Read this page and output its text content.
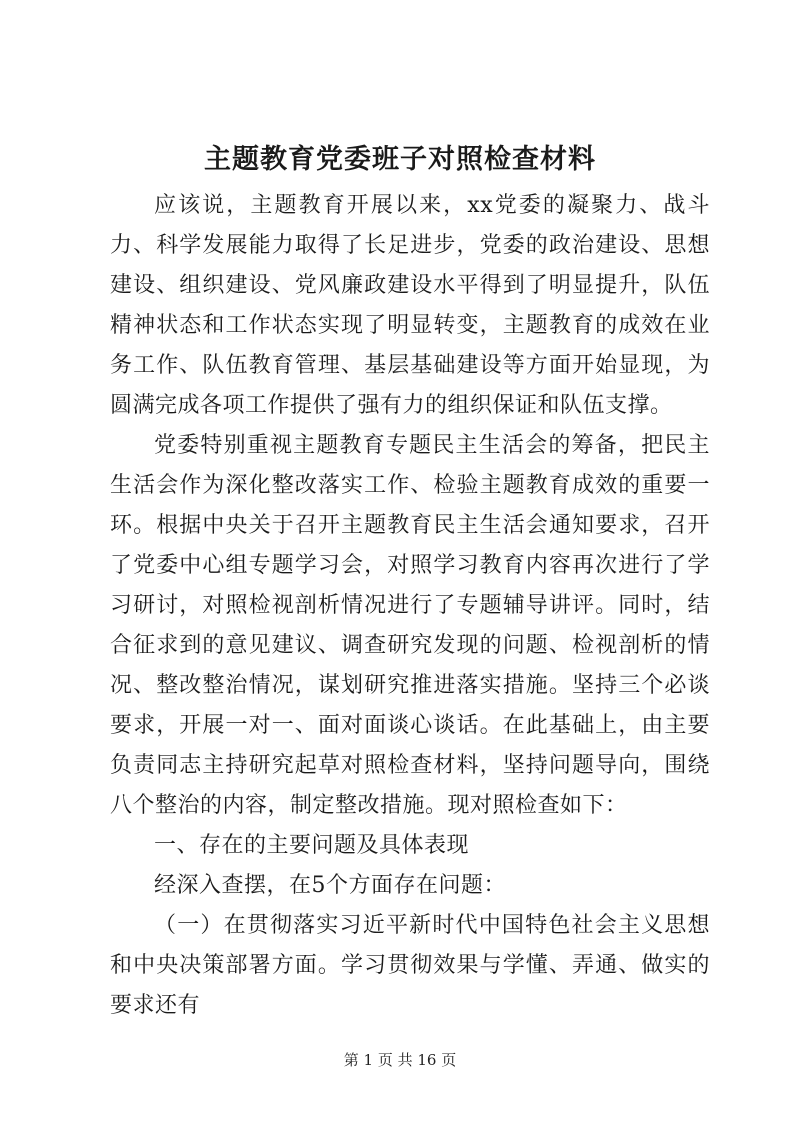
主题教育党委班子对照检查材料

应该说，主题教育开展以来，xx党委的凝聚力、战斗力、科学发展能力取得了长足进步，党委的政治建设、思想建设、组织建设、党风廉政建设水平得到了明显提升，队伍精神状态和工作状态实现了明显转变，主题教育的成效在业务工作、队伍教育管理、基层基础建设等方面开始显现，为圆满完成各项工作提供了强有力的组织保证和队伍支撑。

党委特别重视主题教育专题民主生活会的筹备，把民主生活会作为深化整改落实工作、检验主题教育成效的重要一环。根据中央关于召开主题教育民主生活会通知要求，召开了党委中心组专题学习会，对照学习教育内容再次进行了学习研讨，对照检视剖析情况进行了专题辅导讲评。同时，结合征求到的意见建议、调查研究发现的问题、检视剖析的情况、整改整治情况，谋划研究推进落实措施。坚持三个必谈要求，开展一对一、面对面谈心谈话。在此基础上，由主要负责同志主持研究起草对照检查材料，坚持问题导向，围绕八个整治的内容，制定整改措施。现对照检查如下：

一、存在的主要问题及具体表现

经深入查摆，在5个方面存在问题：

（一）在贯彻落实习近平新时代中国特色社会主义思想和中央决策部署方面。学习贯彻效果与学懂、弄通、做实的要求还有

第 1 页 共 16 页
